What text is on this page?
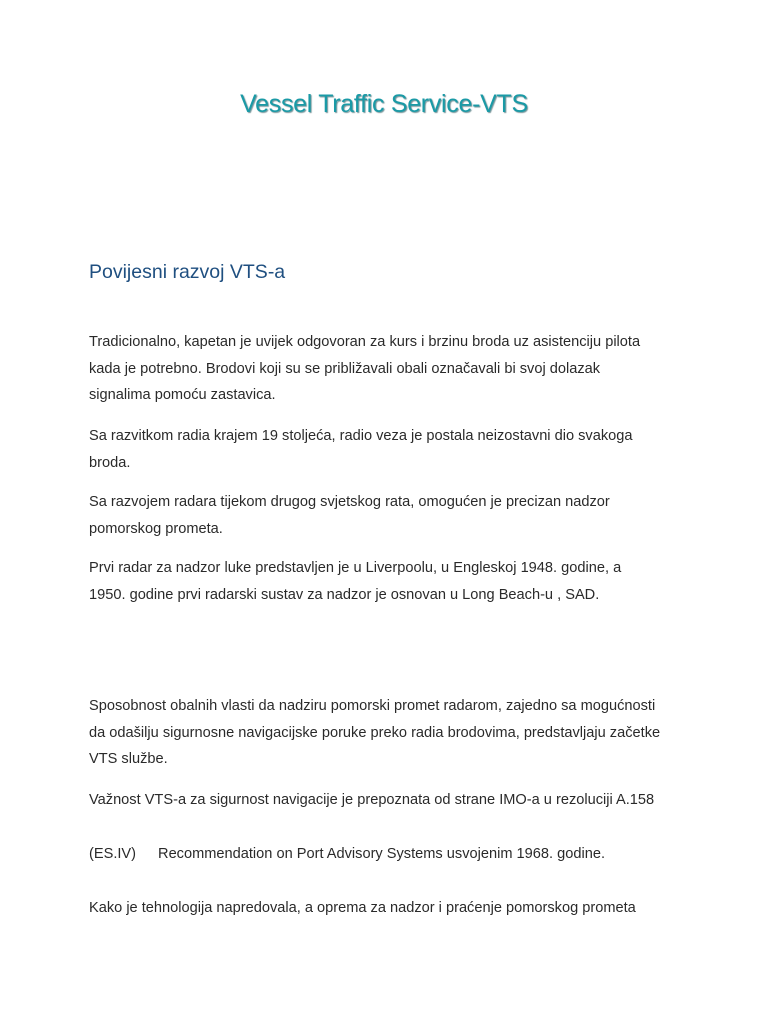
Vessel Traffic Service-VTS
Povijesni razvoj VTS-a

Tradicionalno, kapetan je uvijek odgovoran za kurs i brzinu broda uz asistenciju pilota
kada je potrebno. Brodovi koji su se približavali obali označavali bi svoj dolazak
signalima pomoću zastavica.

Sa razvitkom radia krajem 19 stoljeća, radio veza je postala neizostavni dio svakoga
broda.

Sa razvojem radara tijekom drugog svjetskog rata, omogućen je precizan nadzor
pomorskog prometa.

Prvi radar za nadzor luke predstavljen je u Liverpoolu, u Engleskoj 1948. godine, a
1950. godine prvi radarski sustav za nadzor je osnovan u Long Beach-u , SAD.

Sposobnost obalnih vlasti da nadziru pomorski promet radarom, zajedno sa mogućnosti
da odašilju sigurnosne navigacijske poruke preko radia brodovima, predstavljaju začetke
VTS službe.

Važnost VTS-a za sigurnost navigacije je prepoznata od strane IMO-a u rezoluciji A.158

(ES.IV) Recommendation on Port Advisory Systems usvojenim 1968. godine.

Kako je tehnologija napredovala, a oprema za nadzor i praćenje pomorskog prometa
